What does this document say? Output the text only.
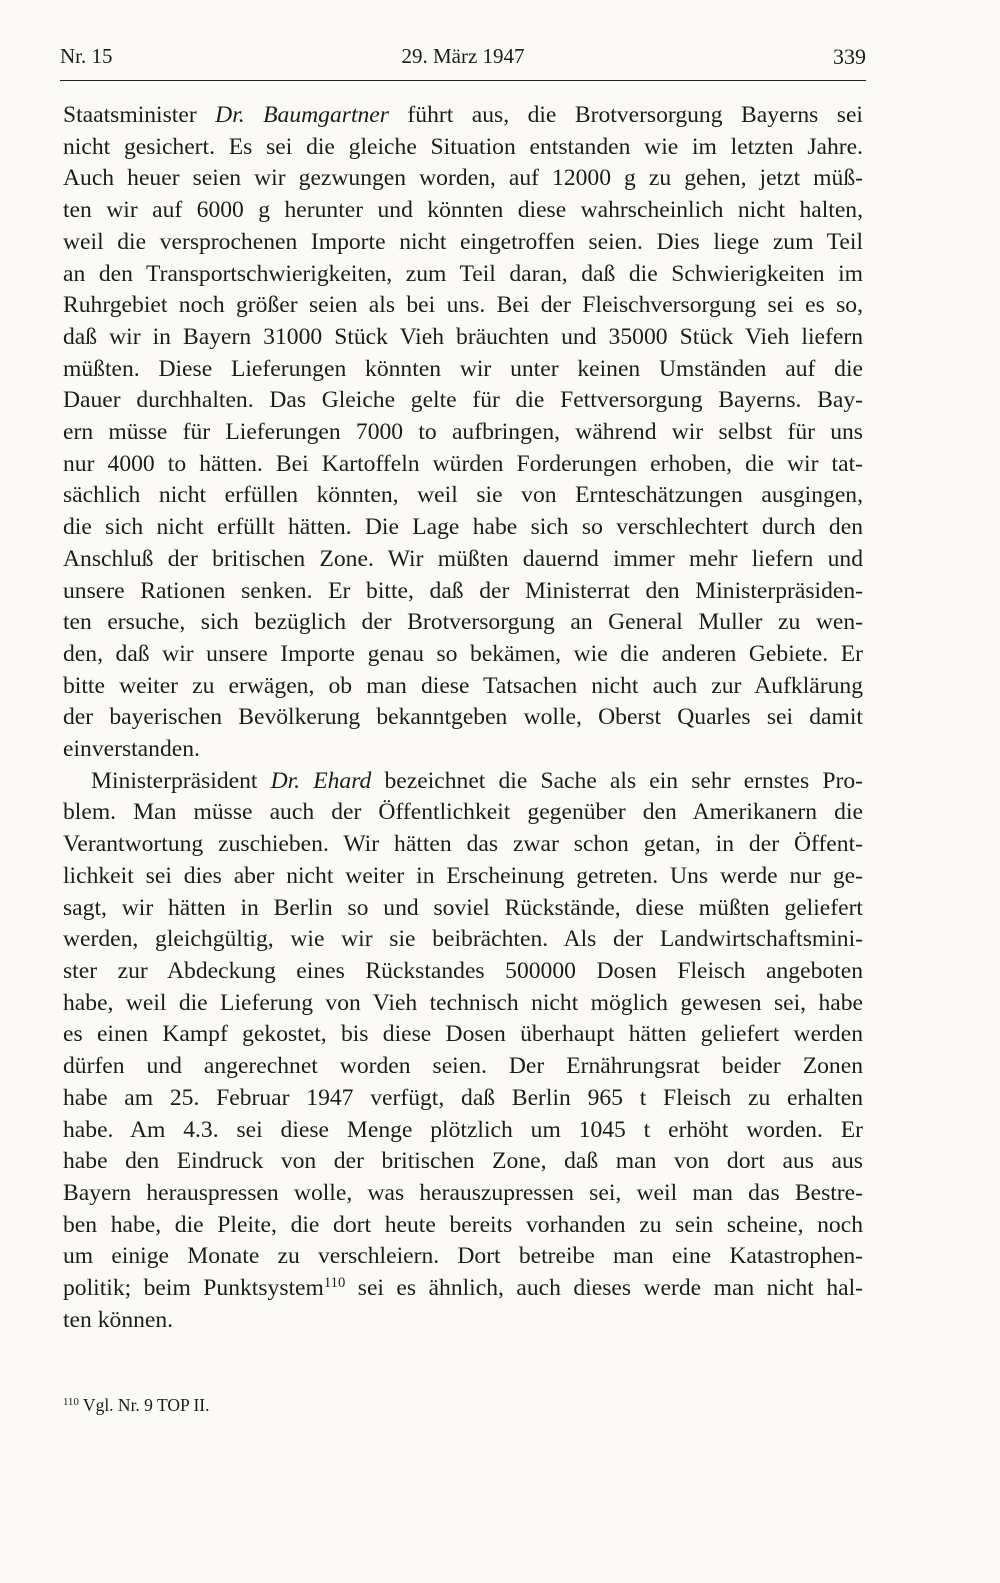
Nr. 15	29. März 1947	339
Staatsminister Dr. Baumgartner führt aus, die Brotversorgung Bayerns sei
nicht gesichert. Es sei die gleiche Situation entstanden wie im letzten Jahre.
Auch heuer seien wir gezwungen worden, auf 12000 g zu gehen, jetzt müß-
ten wir auf 6000 g herunter und könnten diese wahrscheinlich nicht halten,
weil die versprochenen Importe nicht eingetroffen seien. Dies liege zum Teil
an den Transportschwierigkeiten, zum Teil daran, daß die Schwierigkeiten im
Ruhrgebiet noch größer seien als bei uns. Bei der Fleischversorgung sei es so,
daß wir in Bayern 31000 Stück Vieh bräuchten und 35000 Stück Vieh liefern
müßten. Diese Lieferungen könnten wir unter keinen Umständen auf die
Dauer durchhalten. Das Gleiche gelte für die Fettversorgung Bayerns. Bay-
ern müsse für Lieferungen 7000 to aufbringen, während wir selbst für uns
nur 4000 to hätten. Bei Kartoffeln würden Forderungen erhoben, die wir tat-
sächlich nicht erfüllen könnten, weil sie von Ernteschätzungen ausgingen,
die sich nicht erfüllt hätten. Die Lage habe sich so verschlechtert durch den
Anschluß der britischen Zone. Wir müßten dauernd immer mehr liefern und
unsere Rationen senken. Er bitte, daß der Ministerrat den Ministerpräsiden-
ten ersuche, sich bezüglich der Brotversorgung an General Muller zu wen-
den, daß wir unsere Importe genau so bekämen, wie die anderen Gebiete. Er
bitte weiter zu erwägen, ob man diese Tatsachen nicht auch zur Aufklärung
der bayerischen Bevölkerung bekanntgeben wolle, Oberst Quarles sei damit
einverstanden.
Ministerpräsident Dr. Ehard bezeichnet die Sache als ein sehr ernstes Pro-
blem. Man müsse auch der Öffentlichkeit gegenüber den Amerikanern die
Verantwortung zuschieben. Wir hätten das zwar schon getan, in der Öffent-
lichkeit sei dies aber nicht weiter in Erscheinung getreten. Uns werde nur ge-
sagt, wir hätten in Berlin so und soviel Rückstände, diese müßten geliefert
werden, gleichgültig, wie wir sie beibrächten. Als der Landwirtschaftsmini-
ster zur Abdeckung eines Rückstandes 500000 Dosen Fleisch angeboten
habe, weil die Lieferung von Vieh technisch nicht möglich gewesen sei, habe
es einen Kampf gekostet, bis diese Dosen überhaupt hätten geliefert werden
dürfen und angerechnet worden seien. Der Ernährungsrat beider Zonen
habe am 25. Februar 1947 verfügt, daß Berlin 965 t Fleisch zu erhalten
habe. Am 4.3. sei diese Menge plötzlich um 1045 t erhöht worden. Er
habe den Eindruck von der britischen Zone, daß man von dort aus aus
Bayern herauspressen wolle, was herauszupressen sei, weil man das Bestre-
ben habe, die Pleite, die dort heute bereits vorhanden zu sein scheine, noch
um einige Monate zu verschleiern. Dort betreibe man eine Katastrophen-
politik; beim Punktsystem$^{110}$ sei es ähnlich, auch dieses werde man nicht hal-
ten können.
$^{110}$ Vgl. Nr. 9 TOP II.
